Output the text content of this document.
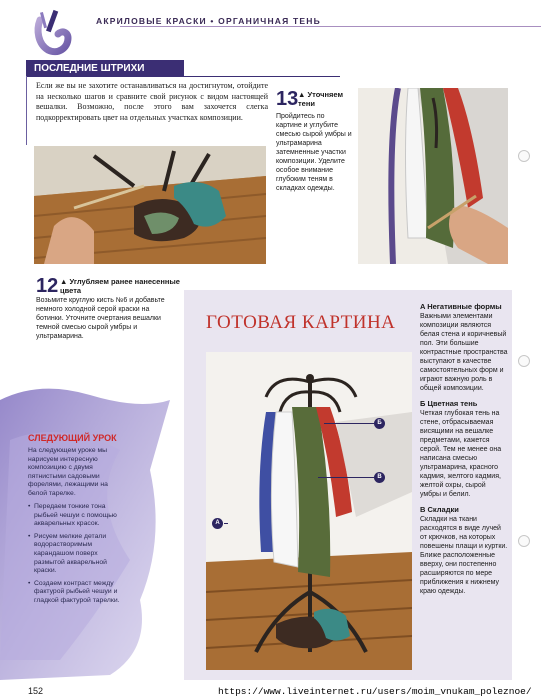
АКРИЛОВЫЕ КРАСКИ • ОРГАНИЧНАЯ ТЕНЬ
ПОСЛЕДНИЕ ШТРИХИ
Если же вы не захотите останавливаться на достигнутом, отойдите на несколько шагов и сравните свой рисунок с видом настоящей вешалки. Возможно, после этого вам захочется слегка подкорректировать цвет на отдельных участках композиции.
13 ▲ Уточняем тени
Пройдитесь по картине и углубите смесью сырой умбры и ультрамарина затемненные участки композиции. Уделите особое внимание глубоким теням в складках одежды.
12 ▲ Углубляем ранее нанесенные цвета
Возьмите круглую кисть №6 и добавьте немного холодной серой краски на ботинки. Уточните очертания вешалки темной смесью сырой умбры и ультрамарина.
ГОТОВАЯ КАРТИНА
A
Б
В

A Негативные формы
Важными элементами композиции являются белая стена и коричневый пол. Эти большие контрастные пространства выступают в качестве самостоятельных форм и играют важную роль в общей композиции.

Б Цветная тень
Четкая глубокая тень на стене, отбрасываемая висящими на вешалке предметами, кажется серой. Тем не менее она написана смесью ультрамарина, красного кадмия, желтого кадмия, желтой охры, сырой умбры и белил.

В Складки
Складки на ткани расходятся в виде лучей от крючков, на которых повешены плащи и куртки. Ближе расположенные вверху, они постепенно расширяются по мере приближения к нижнему краю одежды.

СЛЕДУЮЩИЙ УРОК
На следующем уроке мы нарисуем интересную композицию с двумя пятнистыми садовыми форелями, лежащими на белой тарелке.
• Передаем тонкие тона рыбьей чешуи с помощью акварельных красок.
• Рисуем мелкие детали водорастворимым карандашом поверх размытой акварельной краски.
• Создаем контраст между фактурой рыбьей чешуи и гладкой фактурой тарелки.
152	https://www.liveinternet.ru/users/moim_vnukam_poleznoe/
